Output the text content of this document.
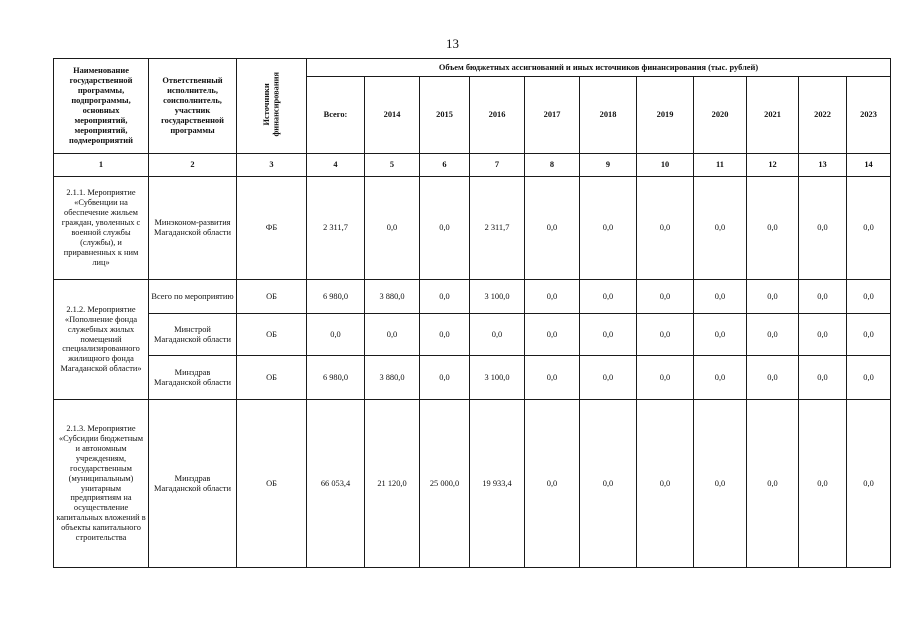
13
Наименование государственной программы, подпрограммы, основных мероприятий, мероприятий, подмероприятий	Ответственный исполнитель, соисполнитель, участник государственной программы	Источники
финансирования	Объем бюджетных ассигнований и иных источников финансирования (тыс. рублей)										
			Всего:	2014	2015	2016	2017	2018	2019	2020	2021	2022	2023
1	2	3	4	5	6	7	8	9	10	11	12	13	14
2.1.1. Мероприятие «Субвенции на обеспечение жильем граждан, уволенных с военной службы (службы), и приравненных к ним лиц»	Минэконом-развития Магаданской области	ФБ	2 311,7	0,0	0,0	2 311,7	0,0	0,0	0,0	0,0	0,0	0,0	0,0
2.1.2. Мероприятие «Пополнение фонда служебных жилых помещений специализированного жилищного фонда Магаданской области»	Всего по мероприятию	ОБ	6 980,0	3 880,0	0,0	3 100,0	0,0	0,0	0,0	0,0	0,0	0,0	0,0
	Минстрой Магаданской области	ОБ	0,0	0,0	0,0	0,0	0,0	0,0	0,0	0,0	0,0	0,0	0,0
	Минздрав Магаданской области	ОБ	6 980,0	3 880,0	0,0	3 100,0	0,0	0,0	0,0	0,0	0,0	0,0	0,0
2.1.3. Мероприятие «Субсидии бюджетным и автономным учреждениям, государственным (муниципальным) унитарным предприятиям на осуществление капитальных вложений в объекты капитального строительства	Минздрав Магаданской области	ОБ	66 053,4	21 120,0	25 000,0	19 933,4	0,0	0,0	0,0	0,0	0,0	0,0	0,0
